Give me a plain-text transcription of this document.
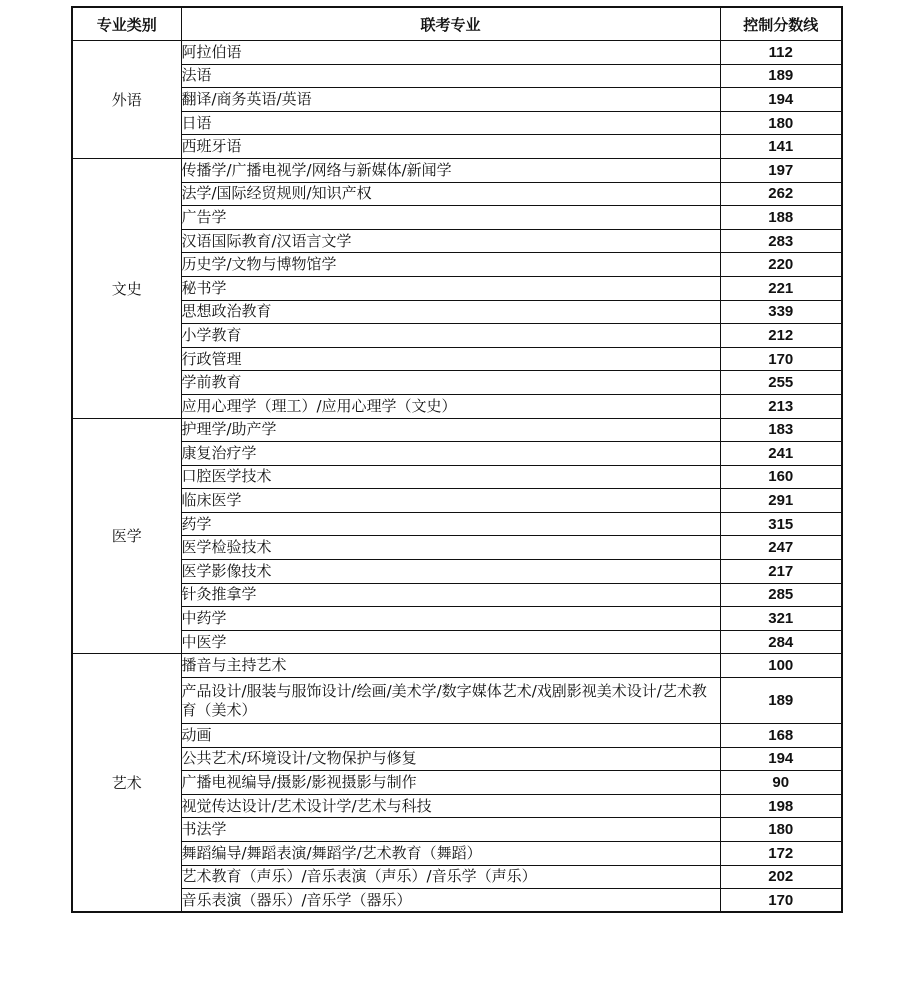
专业类别	联考专业	控制分数线
外语	阿拉伯语	112
	法语	189
	翻译/商务英语/英语	194
	日语	180
	西班牙语	141
文史	传播学/广播电视学/网络与新媒体/新闻学	197
	法学/国际经贸规则/知识产权	262
	广告学	188
	汉语国际教育/汉语言文学	283
	历史学/文物与博物馆学	220
	秘书学	221
	思想政治教育	339
	小学教育	212
	行政管理	170
	学前教育	255
	应用心理学（理工）/应用心理学（文史）	213
医学	护理学/助产学	183
	康复治疗学	241
	口腔医学技术	160
	临床医学	291
	药学	315
	医学检验技术	247
	医学影像技术	217
	针灸推拿学	285
	中药学	321
	中医学	284
艺术	播音与主持艺术	100
	产品设计/服装与服饰设计/绘画/美术学/数字媒体艺术/戏剧影视美术设计/艺术教育（美术）	189
	动画	168
	公共艺术/环境设计/文物保护与修复	194
	广播电视编导/摄影/影视摄影与制作	90
	视觉传达设计/艺术设计学/艺术与科技	198
	书法学	180
	舞蹈编导/舞蹈表演/舞蹈学/艺术教育（舞蹈）	172
	艺术教育（声乐）/音乐表演（声乐）/音乐学（声乐）	202
	音乐表演（器乐）/音乐学（器乐）	170
